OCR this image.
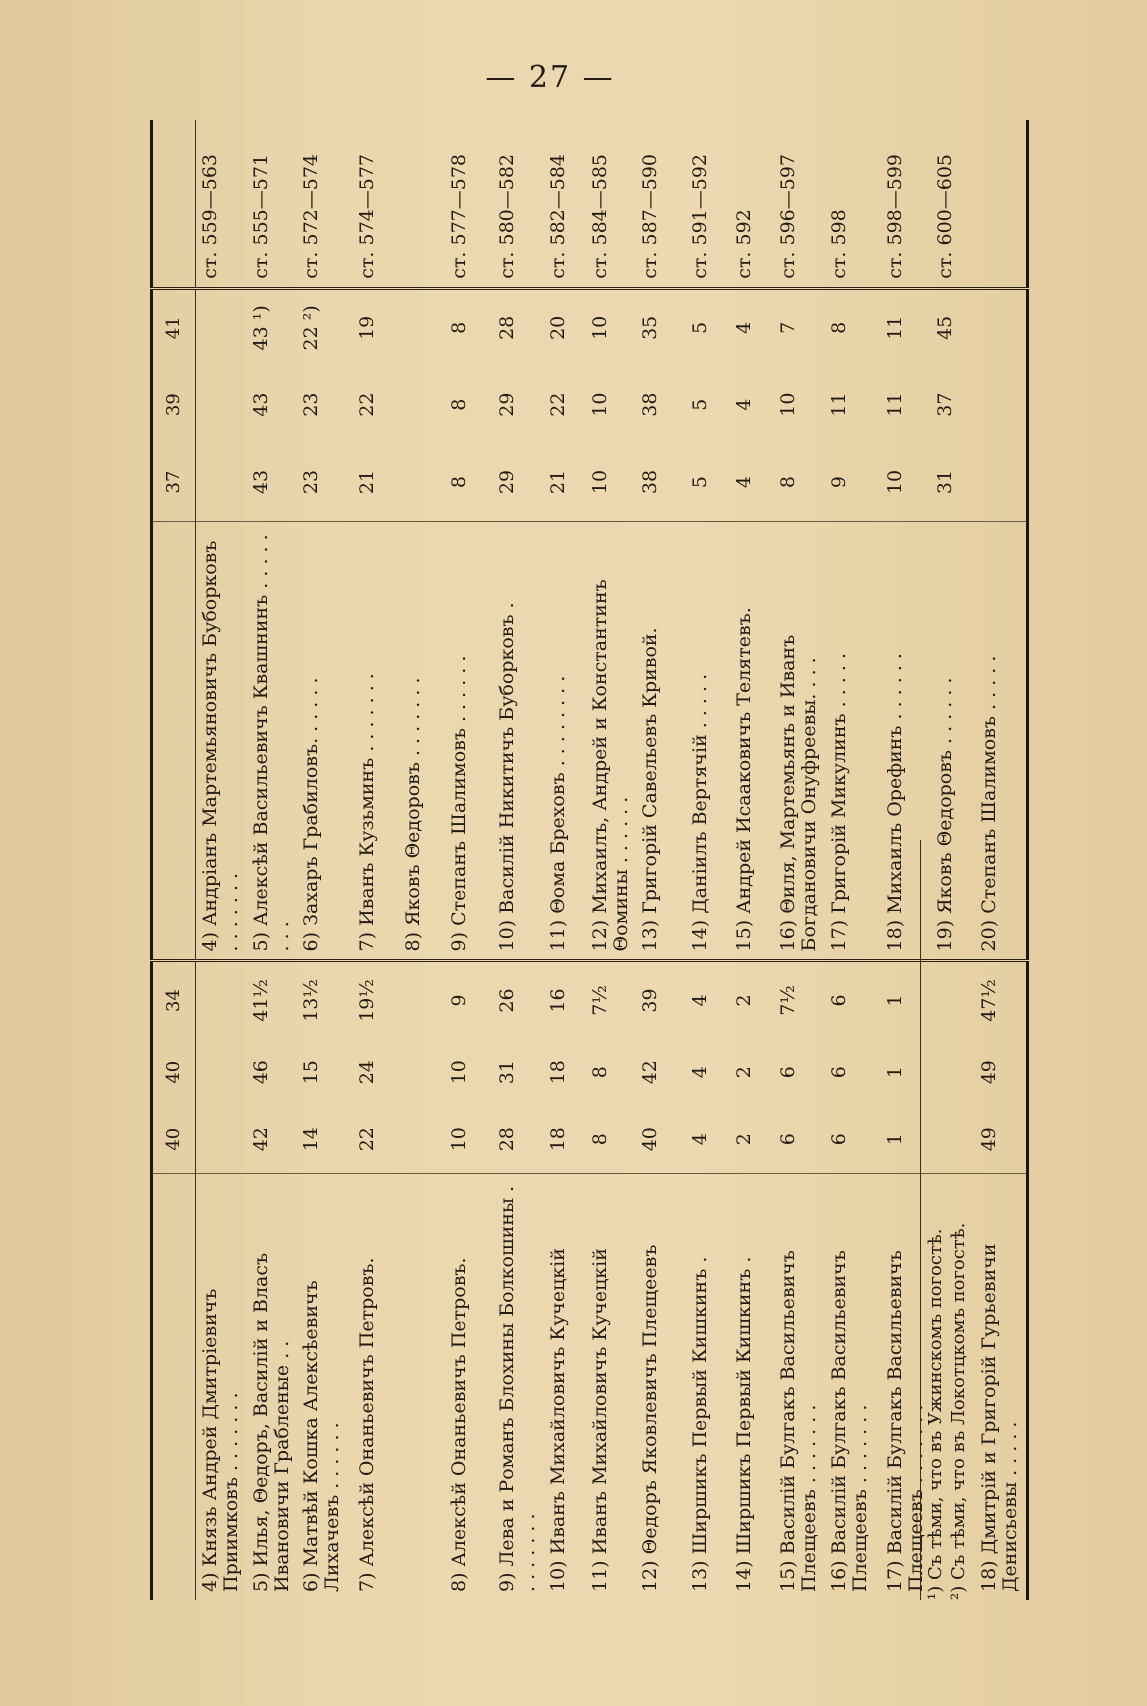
— 27 —
	40	40	34		37	39	41	
4) Князь Андрей Дмитріевичъ Приимковъ . . . . . . .				4) Андріанъ Мартемьяновичъ Буборковъ . . . . . . .				ст. 559—563
5) Илья, Θедоръ, Василій и Власъ Ивановичи Грабленые . .	42	46	41½	5) Алексѣй Васильевичъ Квашнинъ . . . . . . . .	43	43	43 ¹)	ст. 555—571
6) Матвѣй Кошка Алексѣевичъ Лихачевъ . . . . . .	14	15	13½	6) Захаръ Грабиловъ. . . . . .	23	23	22 ²)	ст. 572—574
7) Алексѣй Онаньевичъ Петровъ.	22	24	19½	7) Иванъ Кузьминъ . . . . . . .	21	22	19	ст. 574—577
				8) Яковъ Θедоровъ . . . . . . .				
8) Алексѣй Онаньевичъ Петровъ.	10	10	9	9) Степанъ Шалимовъ . . . . . .	8	8	8	ст. 577—578
9) Лева и Романъ Блохины Болкошины . . . . . . . .	28	31	26	10) Василій Никитичъ Буборковъ .	29	29	28	ст. 580—582
10) Иванъ Михайловичъ Кучецкій	18	18	16	11) Θома Бреховъ . . . . . . . .	21	22	20	ст. 582—584
11) Иванъ Михайловичъ Кучецкій	8	8	7½	12) Михаилъ, Андрей и Константинъ Θомины . . . . . .	10	10	10	ст. 584—585
12) Θедоръ Яковлевичъ Плещеевъ	40	42	39	13) Григорій Савельевъ Кривой.	38	38	35	ст. 587—590
13) Ширшикъ Первый Кишкинъ .	4	4	4	14) Даніилъ Вертячій . . . . .	5	5	5	ст. 591—592
14) Ширшикъ Первый Кишкинъ .	2	2	2	15) Андрей Исааковичъ Телятевъ.	4	4	4	ст. 592
15) Василій Булгакъ Васильевичъ Плещеевъ . . . . . . .	6	6	7½	16) Θиля, Мартемьянъ и Иванъ Богдановичи Онуфреевы. . . .	8	10	7	ст. 596—597
16) Василій Булгакъ Васильевичъ Плещеевъ . . . . . . .	6	6	6	17) Григорій Микулинъ . . . . .	9	11	8	ст. 598
17) Василій Булгакъ Васильевичъ Плещеевъ . . . . . . .	1	1	1	18) Михаилъ Орефинъ . . . . . .	10	11	11	ст. 598—599
				19) Яковъ Θедоровъ . . . . . .	31	37	45	ст. 600—605
18) Дмитрій и Григорій Гурьевичи Денисьевы . . . . .	49	49	47½	20) Степанъ Шалимовъ . . . . .				
¹) Съ тѣми, что въ Ужинскомъ погостѣ. ²) Съ тѣми, что въ Локотцкомъ погостѣ.
